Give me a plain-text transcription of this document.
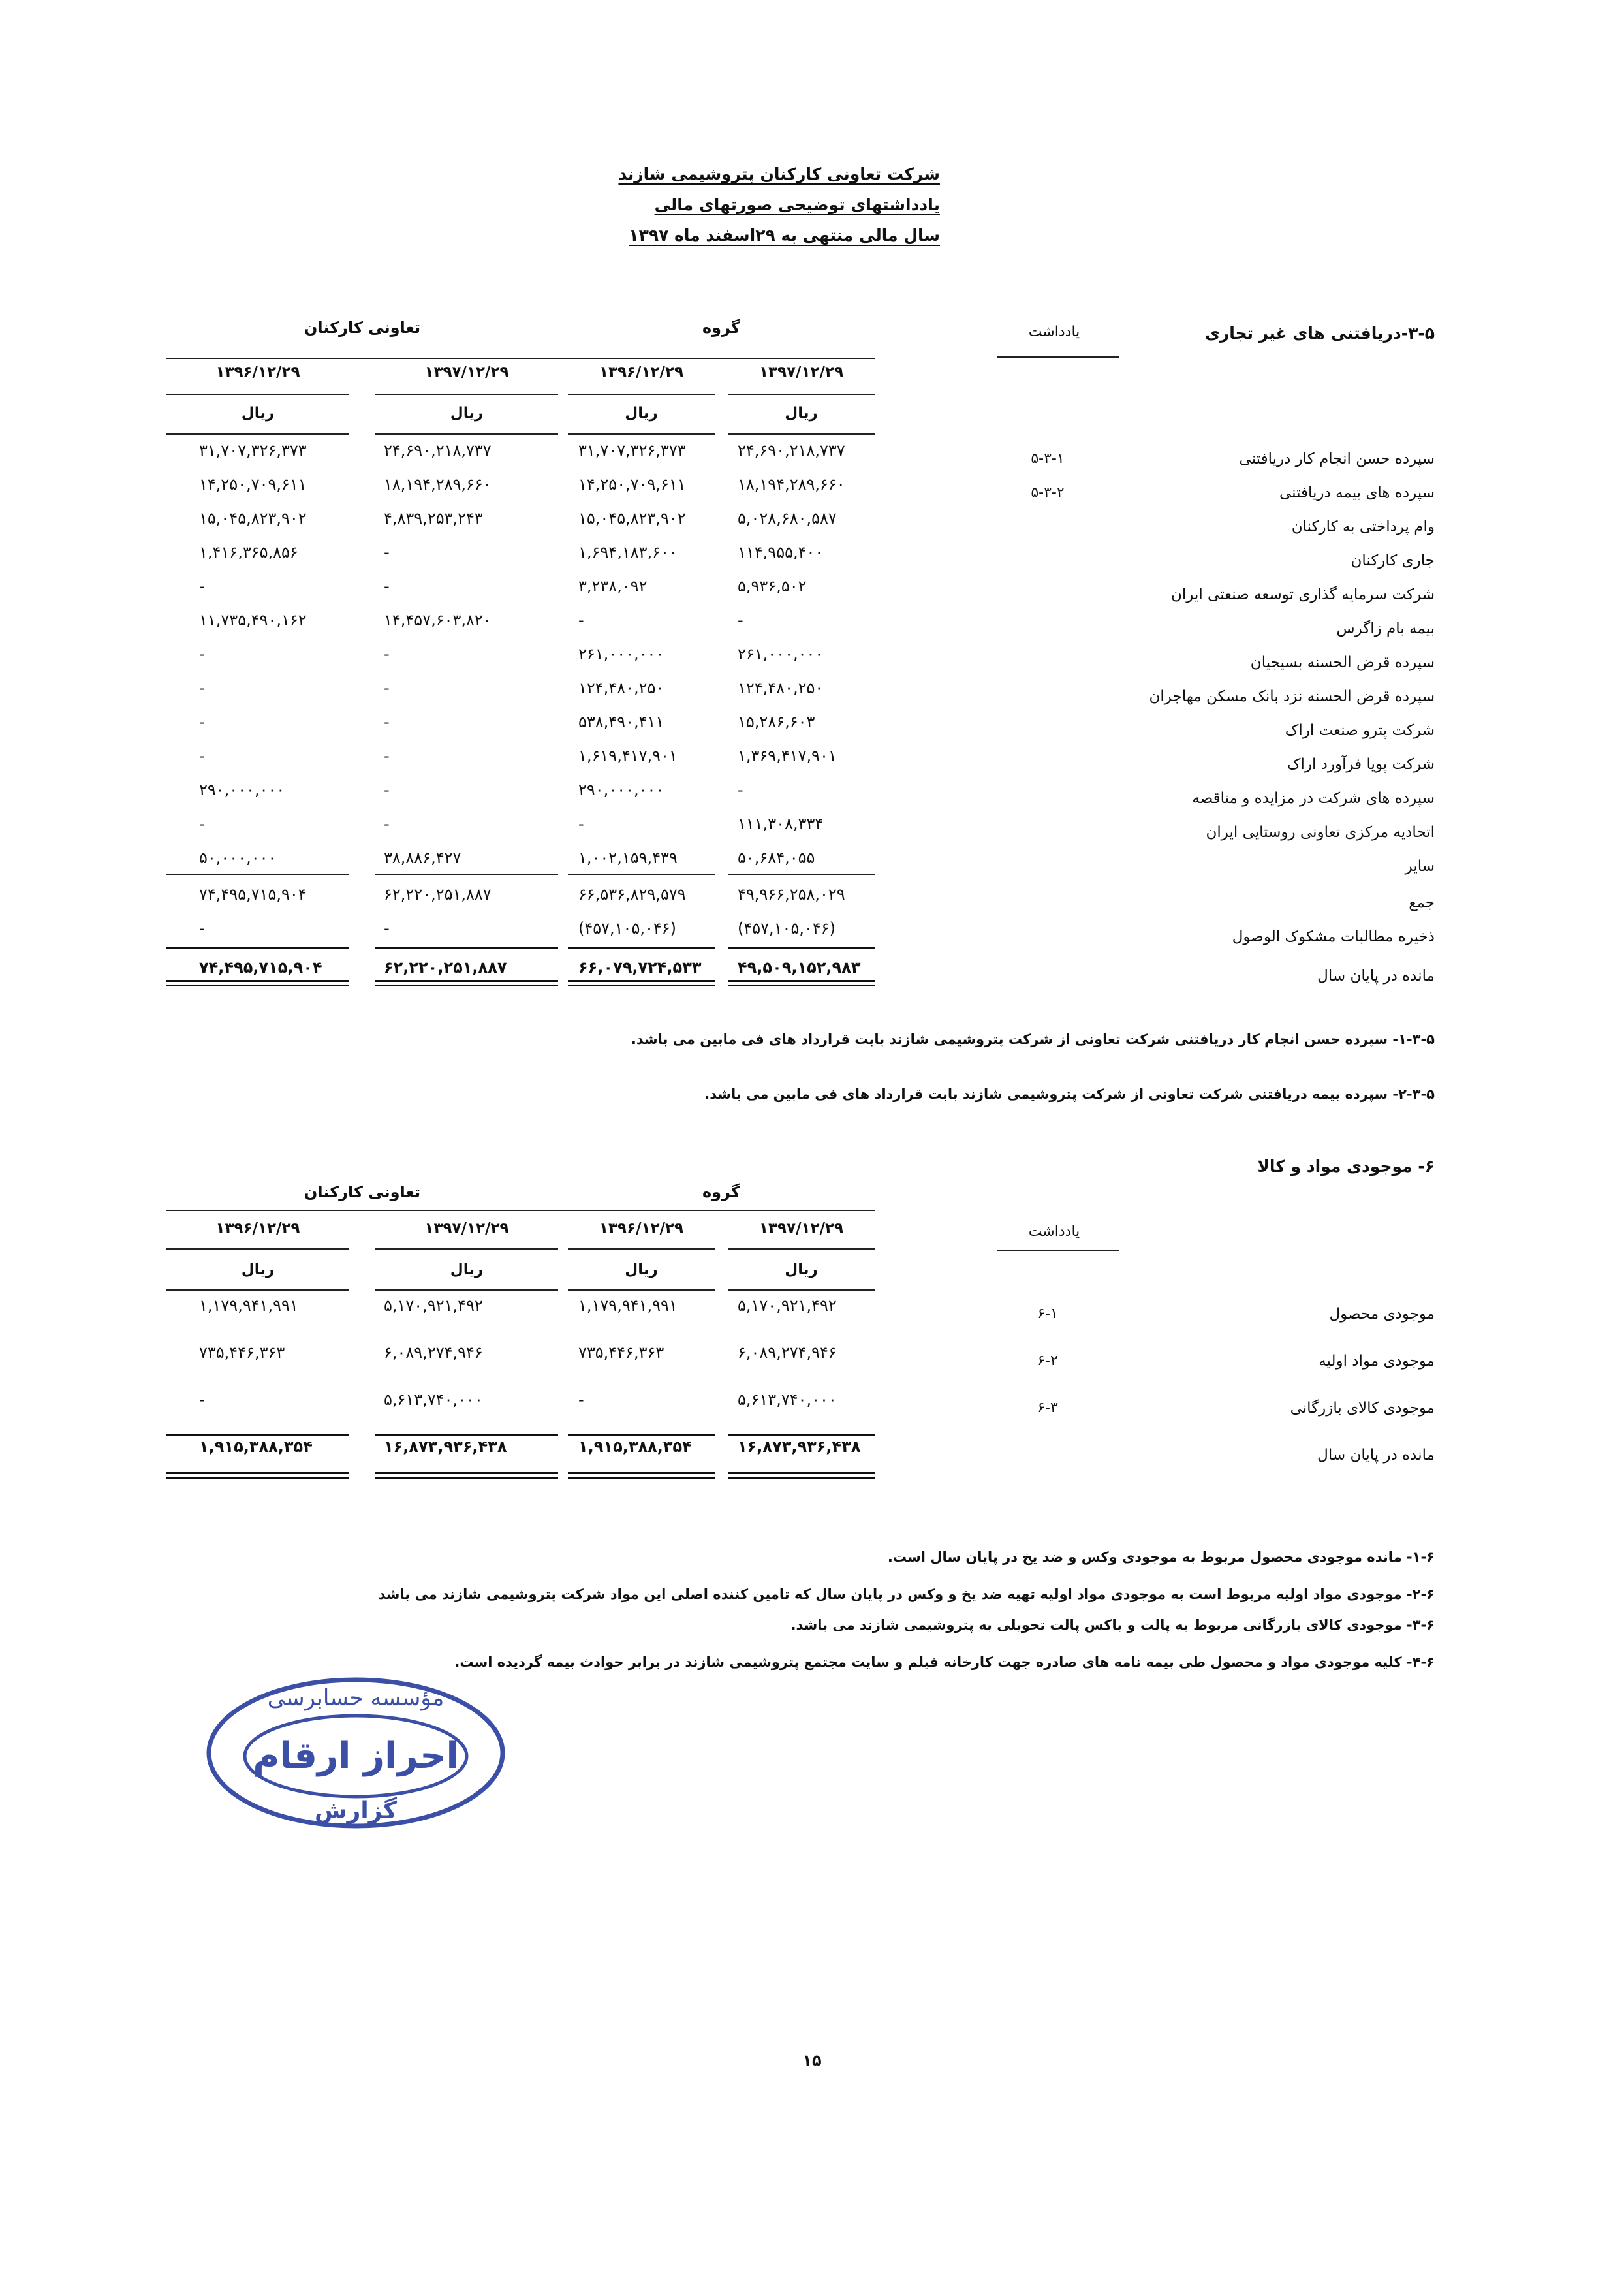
شرکت تعاونی کارکنان پتروشیمی شازند
یادداشتهای توضیحی صورتهای مالی
سال مالی منتهی به ۲۹اسفند ماه ۱۳۹۷
۳-۵-دریافتنی های غیر تجاری
یادداشت
گروه
تعاونی کارکنان
۱۳۹۷/۱۲/۲۹
۱۳۹۶/۱۲/۲۹
۱۳۹۷/۱۲/۲۹
۱۳۹۶/۱۲/۲۹
ریال
ریال
ریال
ریال
سپرده حسن انجام کار دریافتنی
۵-۳-۱
۲۴,۶۹۰,۲۱۸,۷۳۷
۳۱,۷۰۷,۳۲۶,۳۷۳
۲۴,۶۹۰,۲۱۸,۷۳۷
۳۱,۷۰۷,۳۲۶,۳۷۳
سپرده های بیمه دریافتنی
۵-۳-۲
۱۸,۱۹۴,۲۸۹,۶۶۰
۱۴,۲۵۰,۷۰۹,۶۱۱
۱۸,۱۹۴,۲۸۹,۶۶۰
۱۴,۲۵۰,۷۰۹,۶۱۱
وام پرداختی به کارکنان
۵,۰۲۸,۶۸۰,۵۸۷
۱۵,۰۴۵,۸۲۳,۹۰۲
۴,۸۳۹,۲۵۳,۲۴۳
۱۵,۰۴۵,۸۲۳,۹۰۲
جاری کارکنان
۱۱۴,۹۵۵,۴۰۰
۱,۶۹۴,۱۸۳,۶۰۰
-
۱,۴۱۶,۳۶۵,۸۵۶
شرکت سرمایه گذاری توسعه صنعتی ایران
۵,۹۳۶,۵۰۲
۳,۲۳۸,۰۹۲
-
-
بیمه بام زاگرس
-
-
۱۴,۴۵۷,۶۰۳,۸۲۰
۱۱,۷۳۵,۴۹۰,۱۶۲
سپرده قرض الحسنه بسیجیان
۲۶۱,۰۰۰,۰۰۰
۲۶۱,۰۰۰,۰۰۰
-
-
سپرده قرض الحسنه نزد بانک مسکن مهاجران
۱۲۴,۴۸۰,۲۵۰
۱۲۴,۴۸۰,۲۵۰
-
-
شرکت پترو صنعت اراک
۱۵,۲۸۶,۶۰۳
۵۳۸,۴۹۰,۴۱۱
-
-
شرکت پویا فرآورد اراک
۱,۳۶۹,۴۱۷,۹۰۱
۱,۶۱۹,۴۱۷,۹۰۱
-
-
سپرده های شرکت در مزایده و مناقصه
-
۲۹۰,۰۰۰,۰۰۰
-
۲۹۰,۰۰۰,۰۰۰
اتحادیه مرکزی تعاونی روستایی ایران
۱۱۱,۳۰۸,۳۳۴
-
-
-
سایر
۵۰,۶۸۴,۰۵۵
۱,۰۰۲,۱۵۹,۴۳۹
۳۸,۸۸۶,۴۲۷
۵۰,۰۰۰,۰۰۰
جمع
۴۹,۹۶۶,۲۵۸,۰۲۹
۶۶,۵۳۶,۸۲۹,۵۷۹
۶۲,۲۲۰,۲۵۱,۸۸۷
۷۴,۴۹۵,۷۱۵,۹۰۴
ذخیره مطالبات مشکوک الوصول
(۴۵۷,۱۰۵,۰۴۶)
(۴۵۷,۱۰۵,۰۴۶)
-
-
مانده در پایان سال
۴۹,۵۰۹,۱۵۲,۹۸۳
۶۶,۰۷۹,۷۲۴,۵۳۳
۶۲,۲۲۰,۲۵۱,۸۸۷
۷۴,۴۹۵,۷۱۵,۹۰۴
۱-۳-۵- سپرده حسن انجام کار دریافتنی شرکت تعاونی از شرکت پتروشیمی شازند بابت قرارداد های فی مابین می باشد.
۲-۳-۵- سپرده بیمه دریافتنی شرکت تعاونی از شرکت پتروشیمی شازند بابت قرارداد های فی مابین می باشد.
۶- موجودی مواد و کالا
گروه
تعاونی کارکنان
۱۳۹۷/۱۲/۲۹
۱۳۹۶/۱۲/۲۹
۱۳۹۷/۱۲/۲۹
۱۳۹۶/۱۲/۲۹	یادداشت
ریال
ریال
ریال
ریال
موجودی محصول
۶-۱
۵,۱۷۰,۹۲۱,۴۹۲
۱,۱۷۹,۹۴۱,۹۹۱
۵,۱۷۰,۹۲۱,۴۹۲
۱,۱۷۹,۹۴۱,۹۹۱
موجودی مواد اولیه
۶-۲
۶,۰۸۹,۲۷۴,۹۴۶
۷۳۵,۴۴۶,۳۶۳
۶,۰۸۹,۲۷۴,۹۴۶
۷۳۵,۴۴۶,۳۶۳
موجودی کالای بازرگانی
۶-۳
۵,۶۱۳,۷۴۰,۰۰۰
-
۵,۶۱۳,۷۴۰,۰۰۰
-
مانده در پایان سال
۱۶,۸۷۳,۹۳۶,۴۳۸
۱,۹۱۵,۳۸۸,۳۵۴
۱۶,۸۷۳,۹۳۶,۴۳۸
۱,۹۱۵,۳۸۸,۳۵۴
۱-۶- مانده موجودی محصول مربوط به موجودی وکس و ضد یخ در پایان سال است.
۲-۶- موجودی مواد اولیه مربوط است به موجودی مواد اولیه تهیه ضد یخ و وکس در پایان سال که تامین کننده اصلی این مواد شرکت پتروشیمی شازند می باشد
۳-۶- موجودی کالای بازرگانی مربوط به پالت و باکس پالت تحویلی به پتروشیمی شازند می باشد.
۴-۶- کلیه موجودی مواد و محصول طی بیمه نامه های صادره جهت کارخانه فیلم و سایت مجتمع پتروشیمی شازند در برابر حوادث بیمه گردیده است.
مؤسسه حسابرسی
احراز ارقام
گزارش
۱۵
